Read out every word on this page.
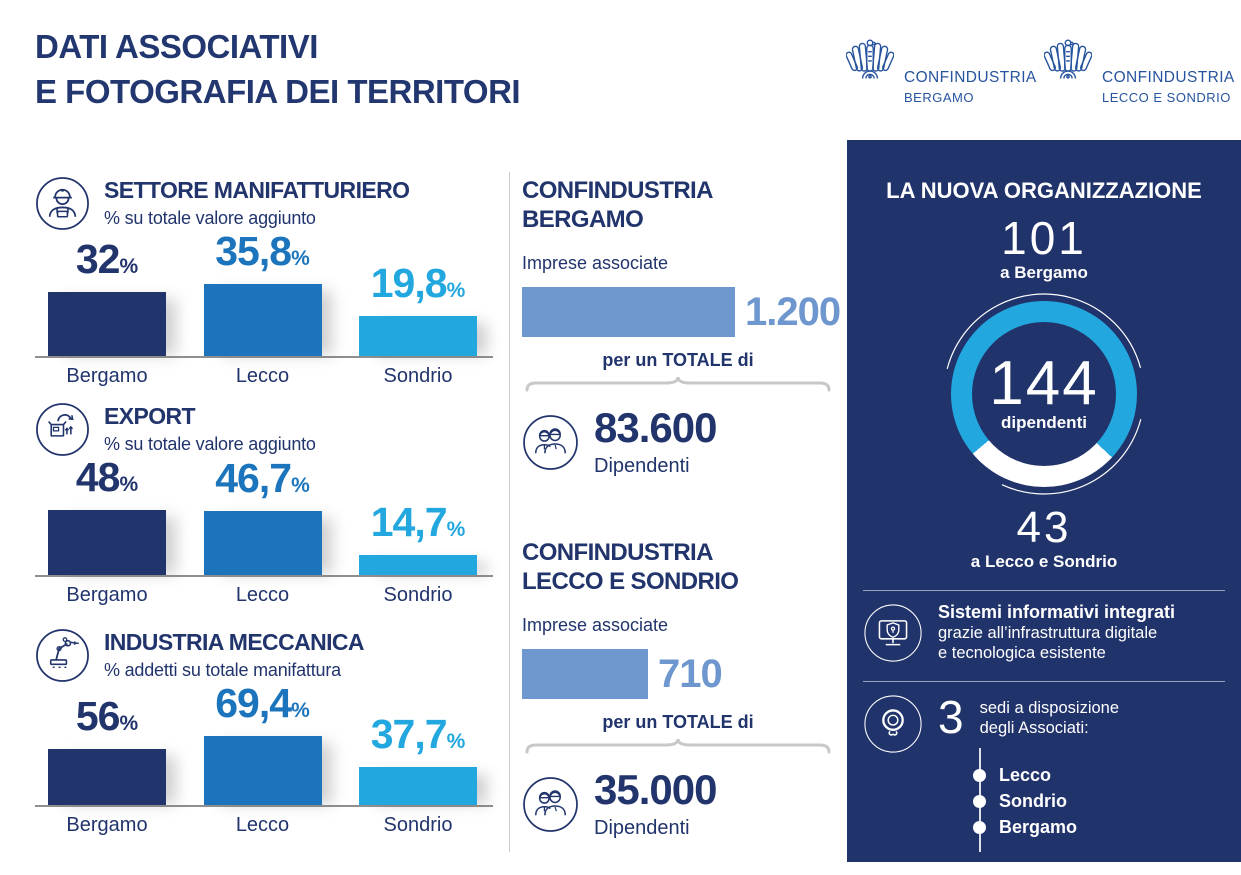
DATI ASSOCIATIVI
E FOTOGRAFIA DEI TERRITORI	CONFINDUSTRIA
BERGAMO
CONFINDUSTRIA
LECCO E SONDRIO
SETTORE MANIFATTURIERO
% su totale valore aggiunto
32% 35,8%
19,8%
Bergamo	Lecco	Sondrio
EXPORT
% su totale valore aggiunto
48% 46,7%
14,7%
Bergamo	Lecco	Sondrio
INDUSTRIA MECCANICA
% addetti su totale manifattura
56% 69,4%
37,7%
Bergamo	Lecco	Sondrio
CONFINDUSTRIA
BERGAMO
Imprese associate
1.200
per un TOTALE di
83.600
Dipendenti
CONFINDUSTRIA
LECCO E SONDRIO
Imprese associate
710
per un TOTALE di
35.000
Dipendenti
LA NUOVA ORGANIZZAZIONE
101
a Bergamo
144
dipendenti
43
a Lecco e Sondrio
Sistemi informativi integrati
grazie all’infrastruttura digitale
e tecnologica esistente
3 sedi a disposizione
degli Associati:
Lecco
Sondrio
Bergamo
